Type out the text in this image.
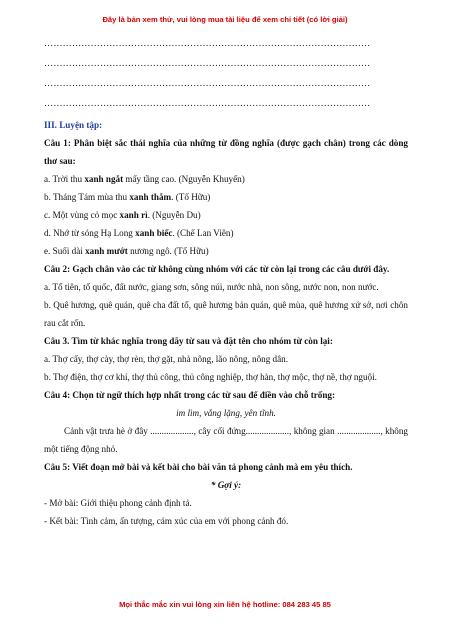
Đây là bản xem thử, vui lòng mua tài liệu để xem chi tiết (có lời giải)
……………………………………………………………………………………………
……………………………………………………………………………………………
……………………………………………………………………………………………
……………………………………………………………………………………………
III. Luyện tập:
Câu 1: Phân biệt sắc thái nghĩa của những từ đồng nghĩa (được gạch chân) trong các dòng thơ sau:
a. Trời thu xanh ngắt mấy tầng cao. (Nguyễn Khuyến)
b. Tháng Tám mùa thu xanh thẳm. (Tố Hữu)
c. Một vùng cỏ mọc xanh rì. (Nguyễn Du)
d. Nhớ từ sóng Hạ Long xanh biếc. (Chế Lan Viên)
e. Suối dài xanh mướt nương ngô. (Tố Hữu)
Câu 2: Gạch chân vào các từ không cùng nhóm với các từ còn lại trong các câu dưới đây.
a. Tổ tiên, tổ quốc, đất nước, giang sơn, sông núi, nước nhà, non sông, nước non, non nước.
b. Quê hương, quê quán, quê cha đất tổ, quê hương bản quán, quê mùa, quê hương xứ sở, nơi chôn rau cắt rốn.
Câu 3. Tìm từ khác nghĩa trong dãy từ sau và đặt tên cho nhóm từ còn lại:
a. Thợ cấy, thợ cày, thợ rèn, thợ gặt, nhà nông, lão nông, nông dân.
b. Thợ điện, thợ cơ khí, thợ thủ công, thủ công nghiệp, thợ hàn, thợ mộc, thợ nề, thợ nguội.
Câu 4: Chọn từ ngữ thích hợp nhất trong các từ sau để điền vào chỗ trống:
im lìm, vắng lặng, yên tĩnh.
Cảnh vật trưa hè ở đây ..................., cây cối đứng..................., không gian ..................., không một tiếng động nhỏ.
Câu 5: Viết đoạn mở bài và kết bài cho bài văn tả phong cảnh mà em yêu thích.
* Gợi ý:
- Mở bài: Giới thiệu phong cảnh định tả.
- Kết bài: Tình cảm, ấn tượng, cảm xúc của em với phong cảnh đó.
Mọi thắc mắc xin vui lòng xin liên hệ hotline: 084 283 45 85
